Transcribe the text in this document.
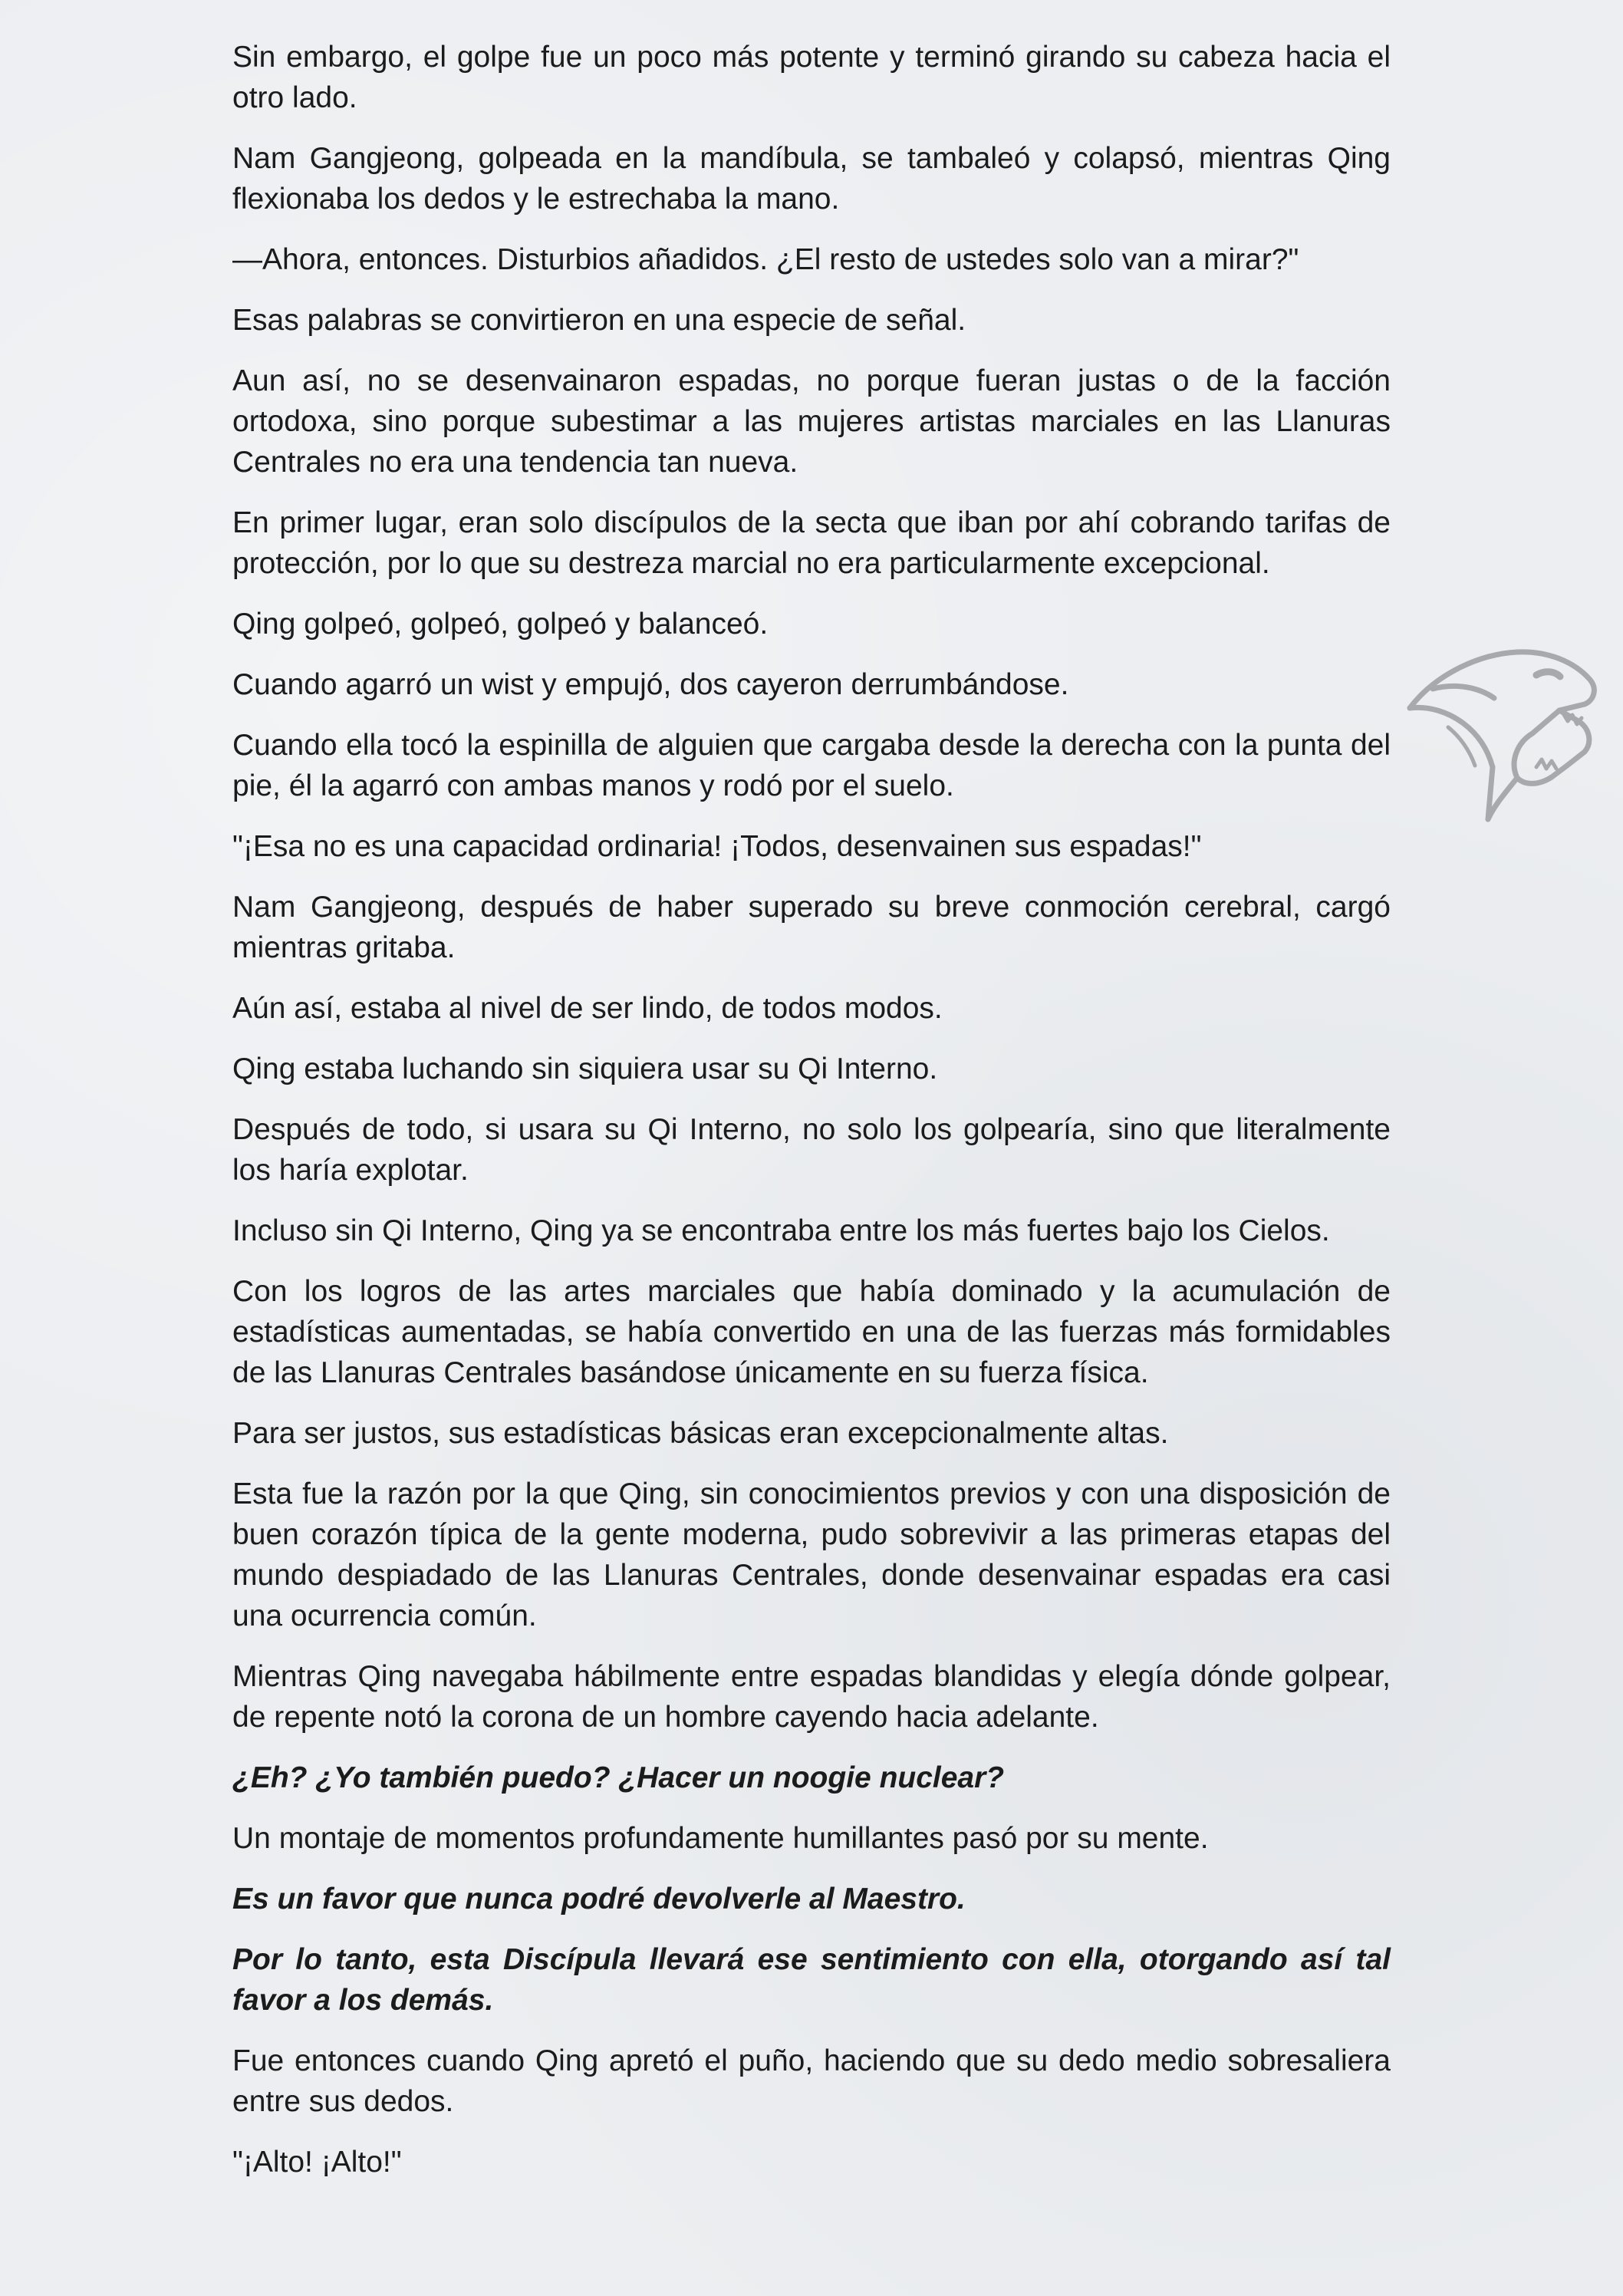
Sin embargo, el golpe fue un poco más potente y terminó girando su cabeza hacia el otro lado.

Nam Gangjeong, golpeada en la mandíbula, se tambaleó y colapsó, mientras Qing flexionaba los dedos y le estrechaba la mano.

—Ahora, entonces. Disturbios añadidos. ¿El resto de ustedes solo van a mirar?"

Esas palabras se convirtieron en una especie de señal.

Aun así, no se desenvainaron espadas, no porque fueran justas o de la facción ortodoxa, sino porque subestimar a las mujeres artistas marciales en las Llanuras Centrales no era una tendencia tan nueva.

En primer lugar, eran solo discípulos de la secta que iban por ahí cobrando tarifas de protección, por lo que su destreza marcial no era particularmente excepcional.

Qing golpeó, golpeó, golpeó y balanceó.

Cuando agarró un wist y empujó, dos cayeron derrumbándose.

Cuando ella tocó la espinilla de alguien que cargaba desde la derecha con la punta del pie, él la agarró con ambas manos y rodó por el suelo.

"¡Esa no es una capacidad ordinaria! ¡Todos, desenvainen sus espadas!"

Nam Gangjeong, después de haber superado su breve conmoción cerebral, cargó mientras gritaba.

Aún así, estaba al nivel de ser lindo, de todos modos.

Qing estaba luchando sin siquiera usar su Qi Interno.

Después de todo, si usara su Qi Interno, no solo los golpearía, sino que literalmente los haría explotar.

Incluso sin Qi Interno, Qing ya se encontraba entre los más fuertes bajo los Cielos.

Con los logros de las artes marciales que había dominado y la acumulación de estadísticas aumentadas, se había convertido en una de las fuerzas más formidables de las Llanuras Centrales basándose únicamente en su fuerza física.

Para ser justos, sus estadísticas básicas eran excepcionalmente altas.

Esta fue la razón por la que Qing, sin conocimientos previos y con una disposición de buen corazón típica de la gente moderna, pudo sobrevivir a las primeras etapas del mundo despiadado de las Llanuras Centrales, donde desenvainar espadas era casi una ocurrencia común.

Mientras Qing navegaba hábilmente entre espadas blandidas y elegía dónde golpear, de repente notó la corona de un hombre cayendo hacia adelante.

¿Eh? ¿Yo también puedo? ¿Hacer un noogie nuclear?

Un montaje de momentos profundamente humillantes pasó por su mente.

Es un favor que nunca podré devolverle al Maestro.

Por lo tanto, esta Discípula llevará ese sentimiento con ella, otorgando así tal favor a los demás.

Fue entonces cuando Qing apretó el puño, haciendo que su dedo medio sobresaliera entre sus dedos.

"¡Alto! ¡Alto!"
